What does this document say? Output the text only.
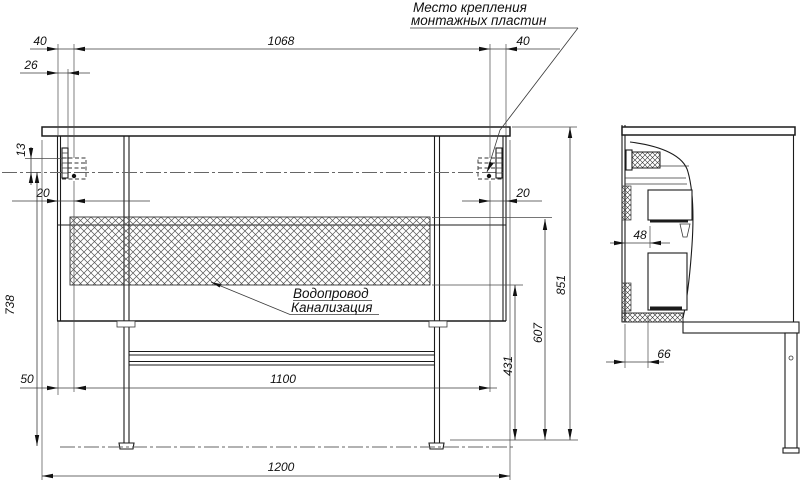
40	1068	40
26
13
20	20
738
50	1100
1200
431
607
851
48
66
Место крепления
монтажных пластин
Водопровод
Канализация
